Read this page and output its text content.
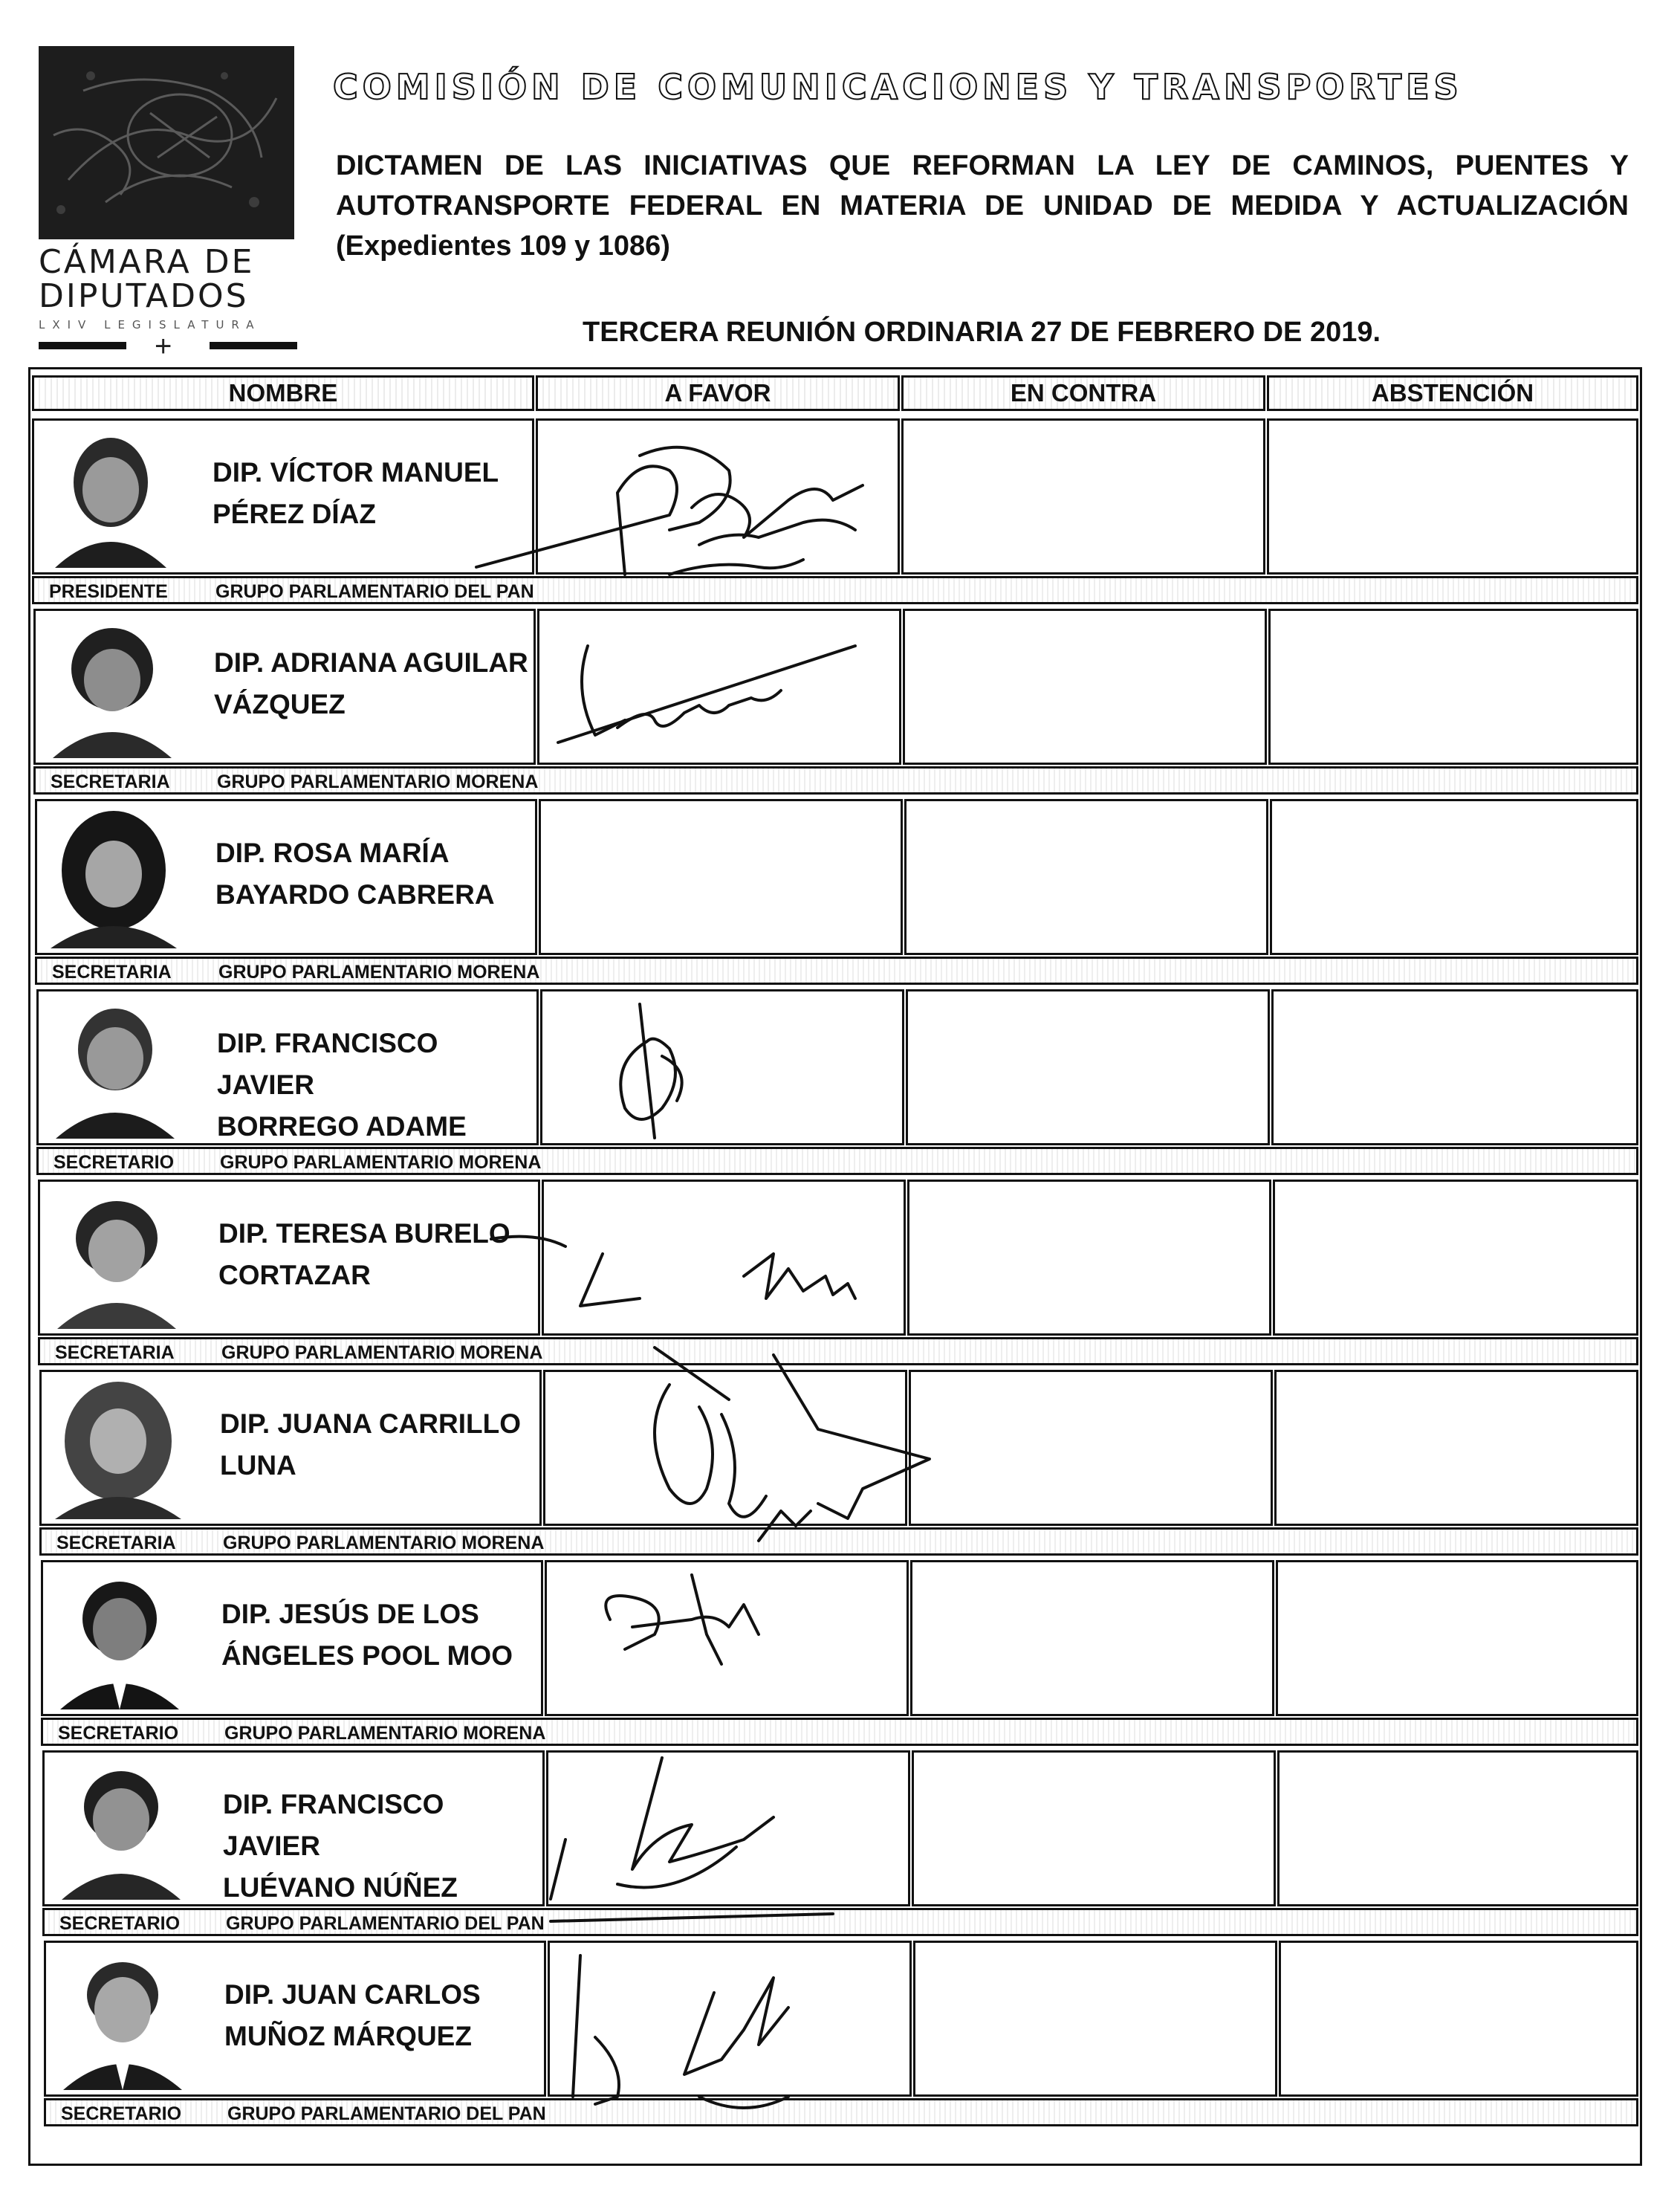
CÁMARA DE
DIPUTADOS
LXIV LEGISLATURA
+
COMISIÓN DE COMUNICACIONES Y TRANSPORTES
DICTAMEN DE LAS INICIATIVAS QUE REFORMAN LA LEY DE CAMINOS, PUENTES Y AUTOTRANSPORTE FEDERAL EN MATERIA DE UNIDAD DE MEDIDA Y ACTUALIZACIÓN (Expedientes 109 y 1086)
TERCERA REUNIÓN ORDINARIA 27 DE FEBRERO DE 2019.
NOMBRE	A FAVOR	EN CONTRA	ABSTENCIÓN
DIP. VÍCTOR MANUEL
PÉREZ DÍAZ
PRESIDENTE	GRUPO PARLAMENTARIO DEL PAN
DIP. ADRIANA AGUILAR
VÁZQUEZ
SECRETARIA	GRUPO PARLAMENTARIO MORENA
DIP. ROSA MARÍA
BAYARDO CABRERA
SECRETARIA	GRUPO PARLAMENTARIO MORENA
DIP. FRANCISCO JAVIER
BORREGO ADAME
SECRETARIO GRUPO PARLAMENTARIO MORENA
DIP. TERESA BURELO
CORTAZAR
SECRETARIA	GRUPO PARLAMENTARIO MORENA
DIP. JUANA CARRILLO
LUNA
SECRETARIA	GRUPO PARLAMENTARIO MORENA
DIP. JESÚS DE LOS
ÁNGELES POOL MOO
SECRETARIO GRUPO PARLAMENTARIO MORENA
DIP. FRANCISCO JAVIER
LUÉVANO NÚÑEZ
SECRETARIO GRUPO PARLAMENTARIO DEL PAN
DIP. JUAN CARLOS
MUÑOZ MÁRQUEZ
SECRETARIO GRUPO PARLAMENTARIO DEL PAN
